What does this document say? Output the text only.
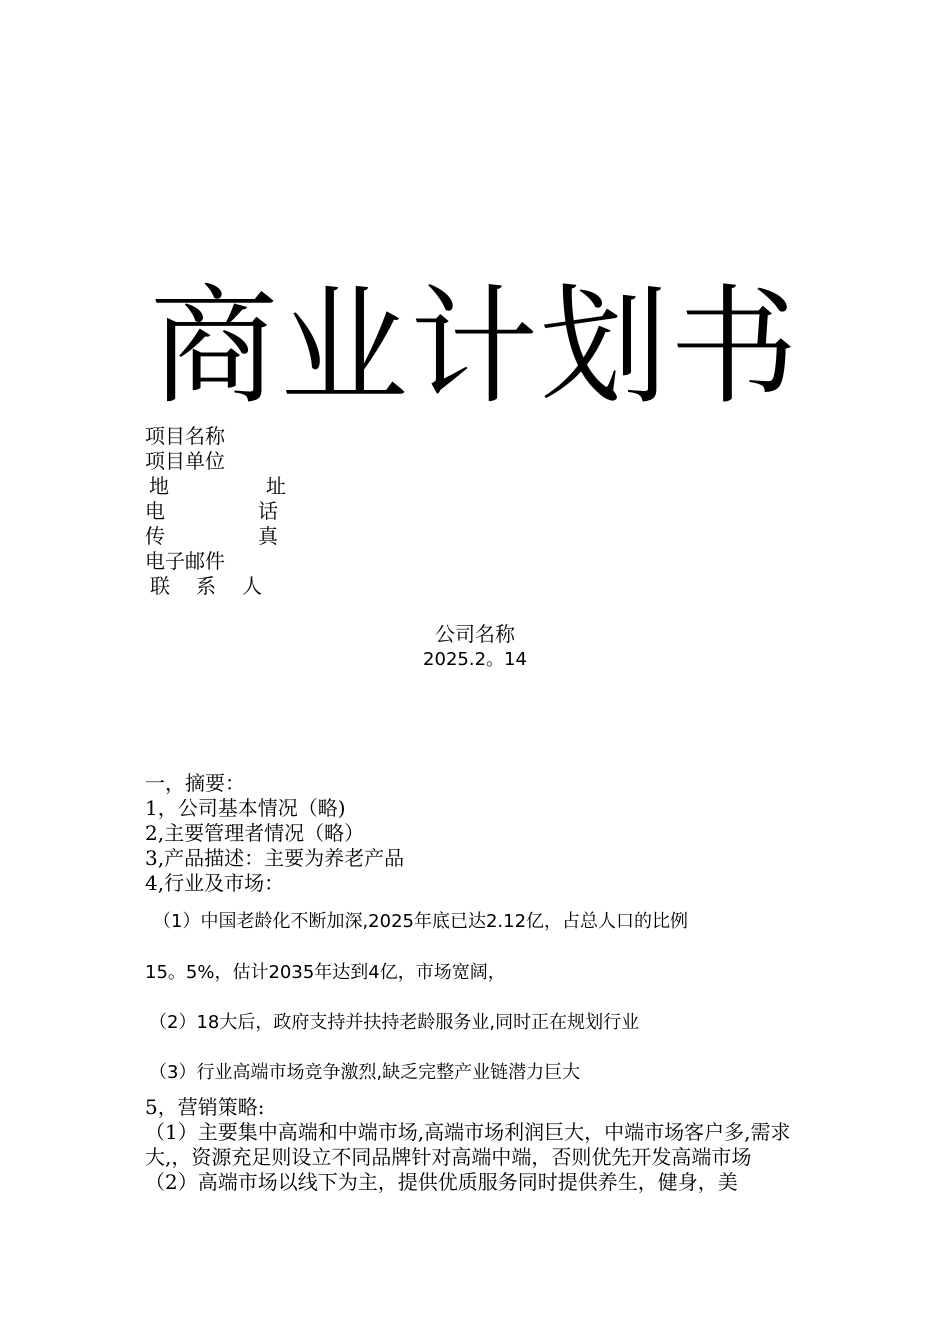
商业计划书
项目名称
项目单位
地	址
电	话
传	真
电子邮件
联 系 人
公司名称
2025.2。14
一，摘要：
1，公司基本情况（略)
2,主要管理者情况（略）
3,产品描述：主要为养老产品
4,行业及市场：
（1）中国老龄化不断加深,2025年底已达2.12亿，占总人口的比例
15。5%，估计2035年达到4亿，市场宽阔，
（2）18大后，政府支持并扶持老龄服务业,同时正在规划行业
（3）行业高端市场竞争激烈,缺乏完整产业链潜力巨大
5，营销策略:
（1）主要集中高端和中端市场,高端市场利润巨大，中端市场客户多,需求大,，资源充足则设立不同品牌针对高端中端，否则优先开发高端市场
（2）高端市场以线下为主，提供优质服务同时提供养生，健身，美
